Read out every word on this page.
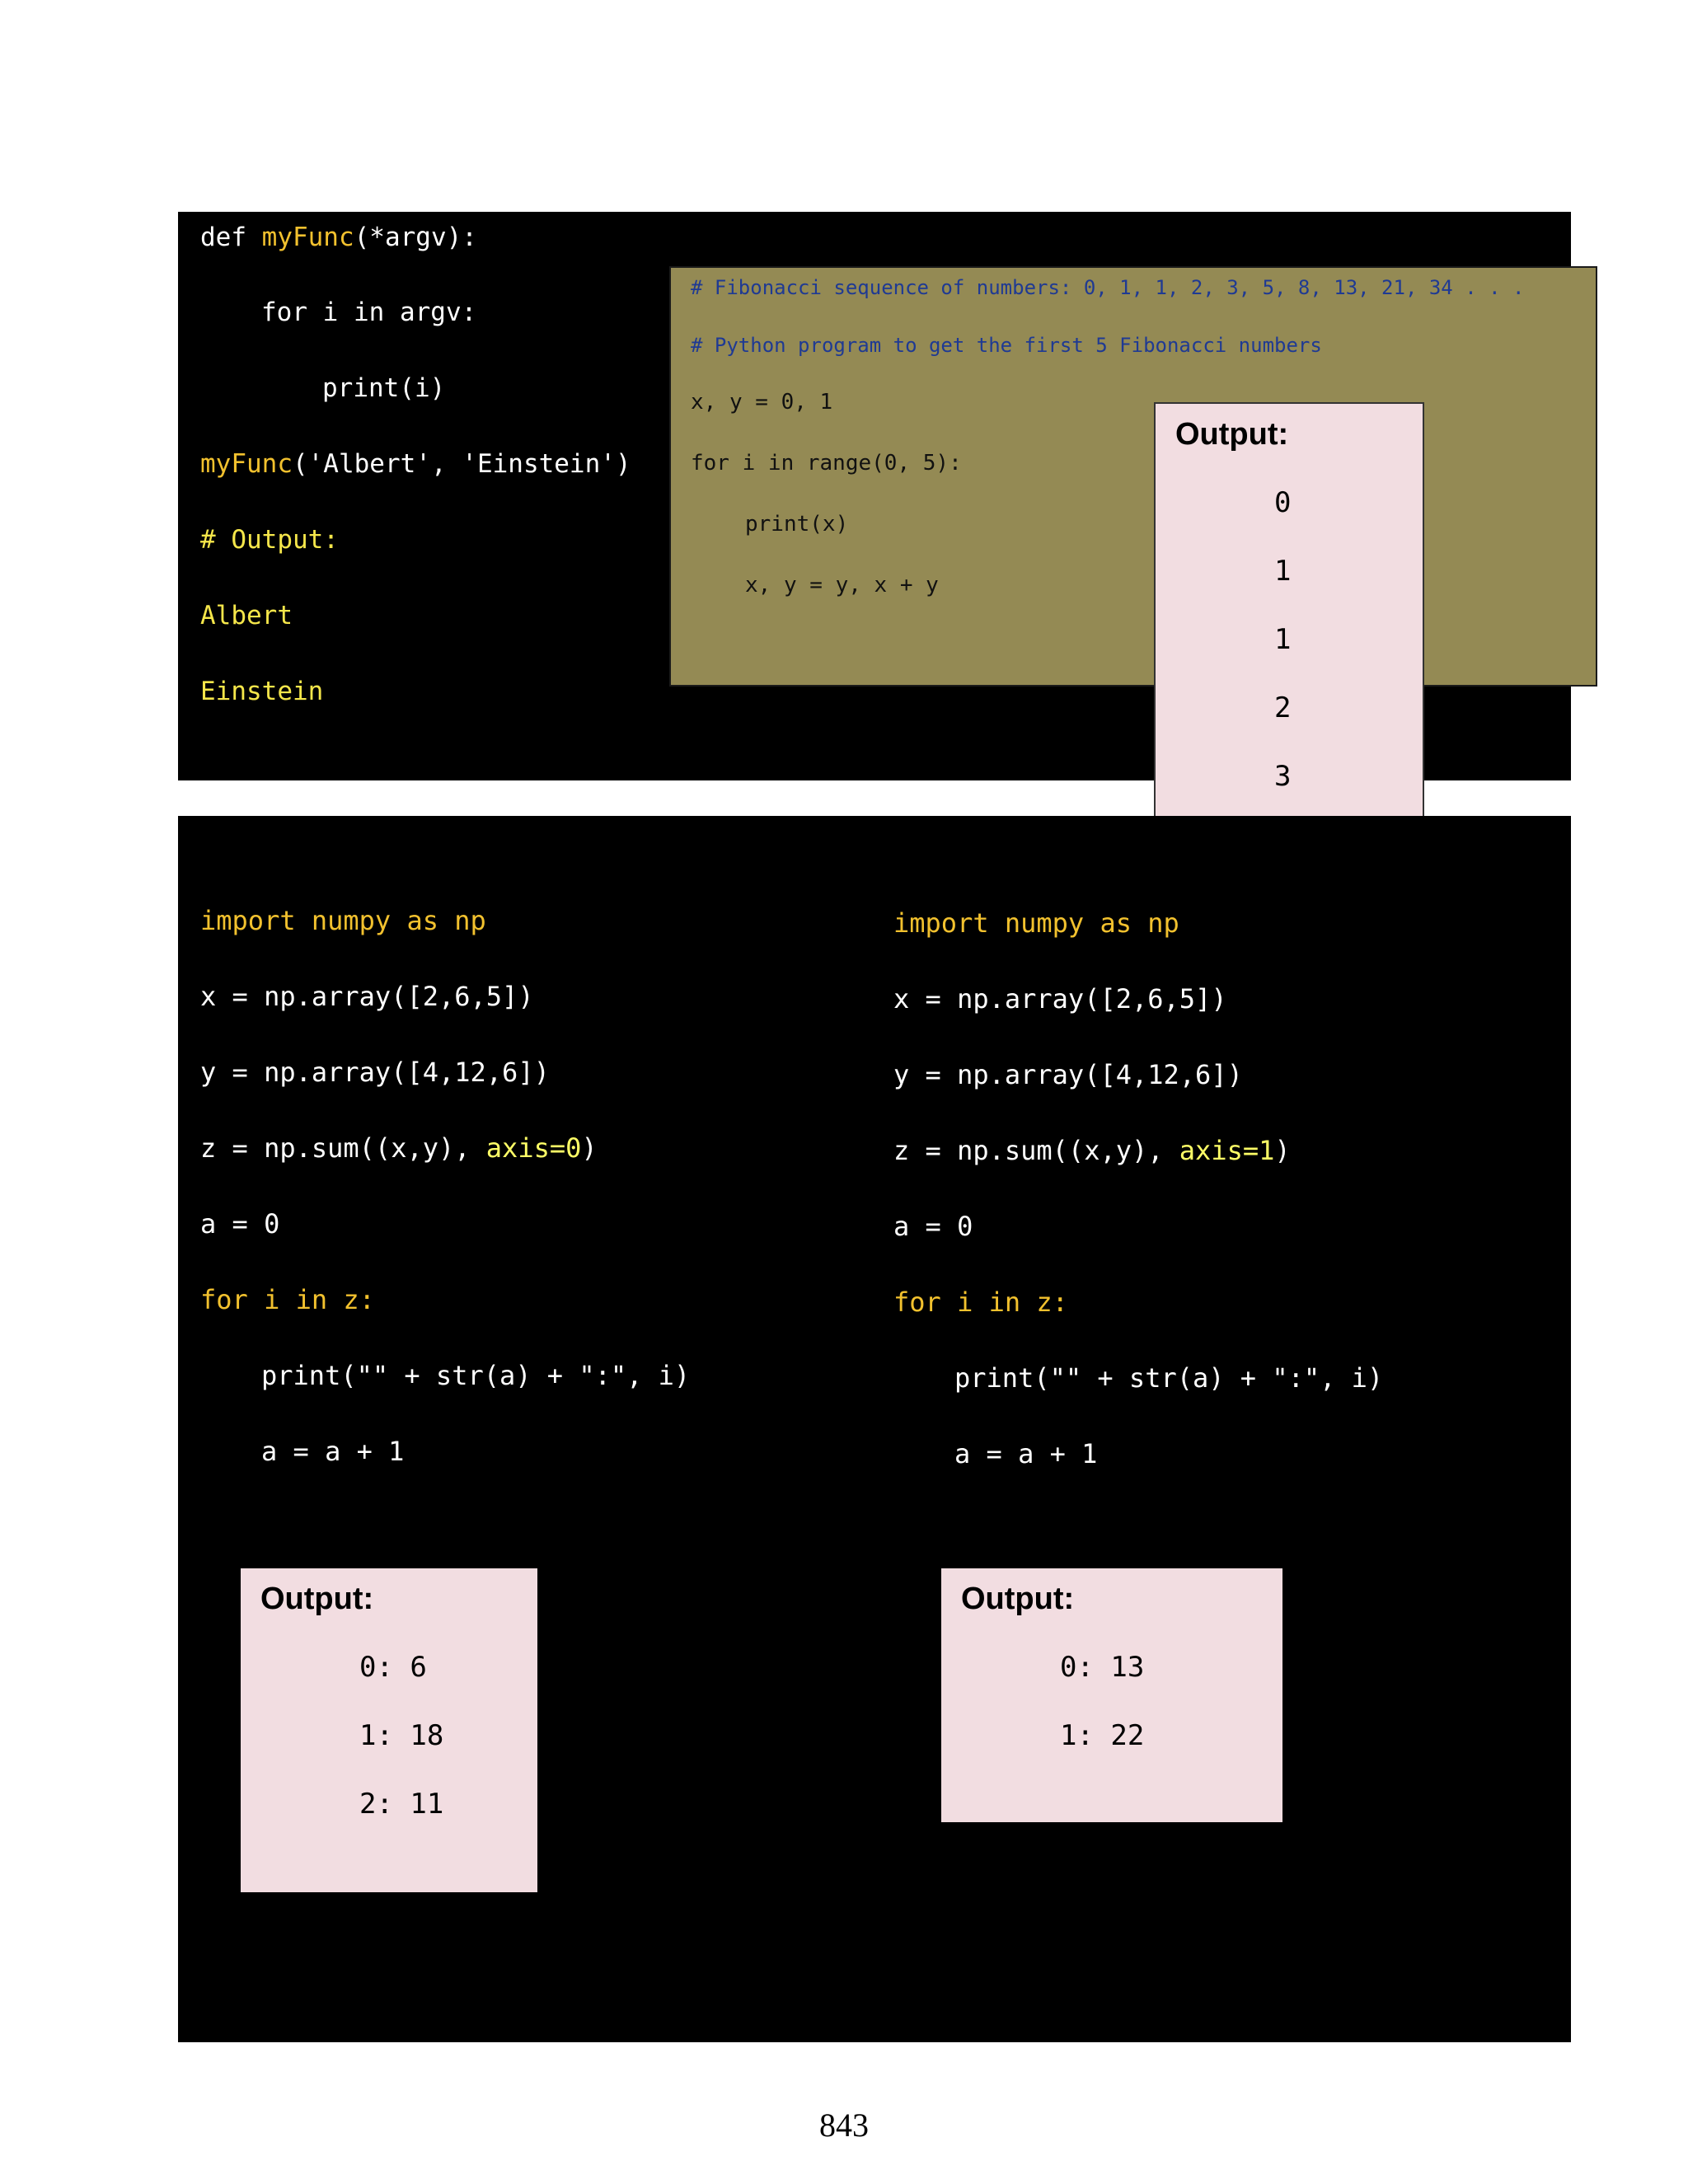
def myFunc(*argv):
for i in argv:
print(i)
myFunc('Albert', 'Einstein')
# Output:
Albert
Einstein
# Fibonacci sequence of numbers: 0, 1, 1, 2, 3, 5, 8, 13, 21, 34 . . .
# Python program to get the first 5 Fibonacci numbers
x, y = 0, 1
for i in range(0, 5):
print(x)
x, y = y, x + y
Output:
0
1
1
2
3
import numpy as np
x = np.array([2,6,5])
y = np.array([4,12,6])
z = np.sum((x,y), axis=0)
a = 0
for i in z:
print("" + str(a) + ":", i)
a = a + 1
import numpy as np
x = np.array([2,6,5])
y = np.array([4,12,6])
z = np.sum((x,y), axis=1)
a = 0
for i in z:
print("" + str(a) + ":", i)
a = a + 1
Output:
0: 6
1: 18
2: 11
Output:
0: 13
1: 22
843
